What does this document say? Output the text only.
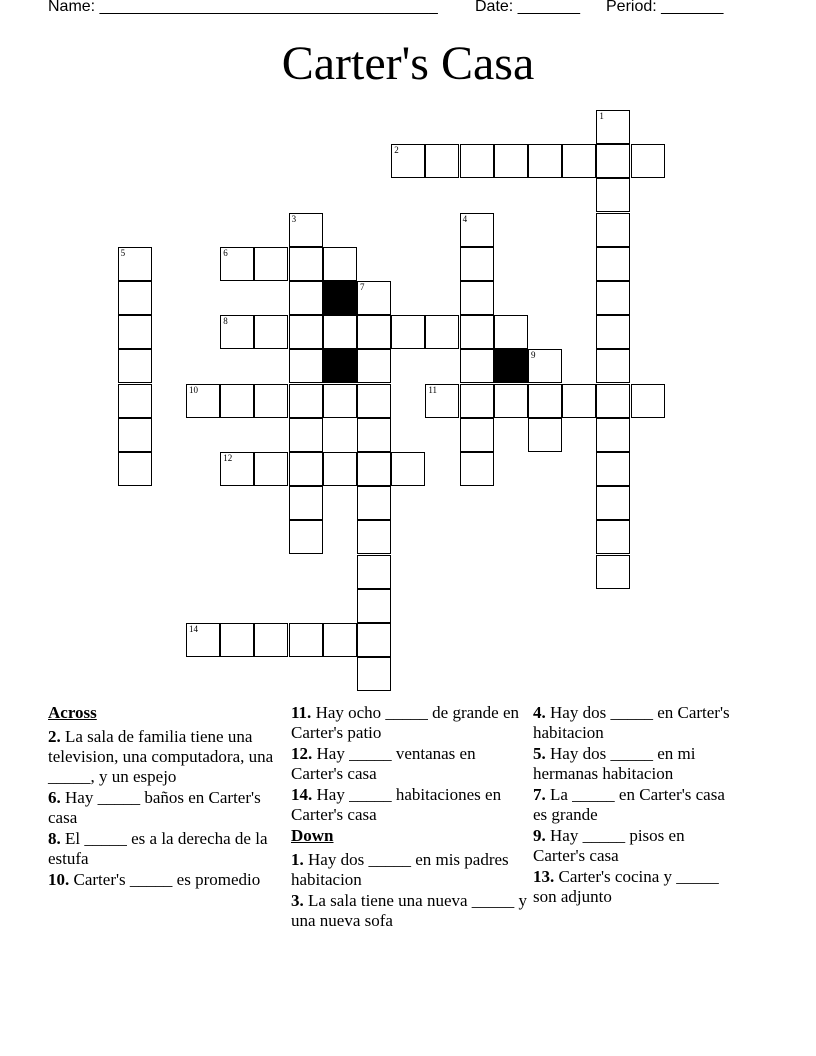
Name: ______________________________________ Date: _______ Period: _______
Carter's Casa
1
2
3	4
5	6
7
8
9
10	11
12
14
Across
2. La sala de familia tiene una television, una computadora, una _____, y un espejo
6. Hay _____ baños en Carter's casa
8. El _____ es a la derecha de la estufa
10. Carter's _____ es promedio
11. Hay ocho _____ de grande en Carter's patio
12. Hay _____ ventanas en Carter's casa
14. Hay _____ habitaciones en Carter's casa
Down
1. Hay dos _____ en mis padres habitacion
3. La sala tiene una nueva _____ y una nueva sofa
4. Hay dos _____ en Carter's habitacion
5. Hay dos _____ en mi hermanas habitacion
7. La _____ en Carter's casa es grande
9. Hay _____ pisos en Carter's casa
13. Carter's cocina y _____ son adjunto
